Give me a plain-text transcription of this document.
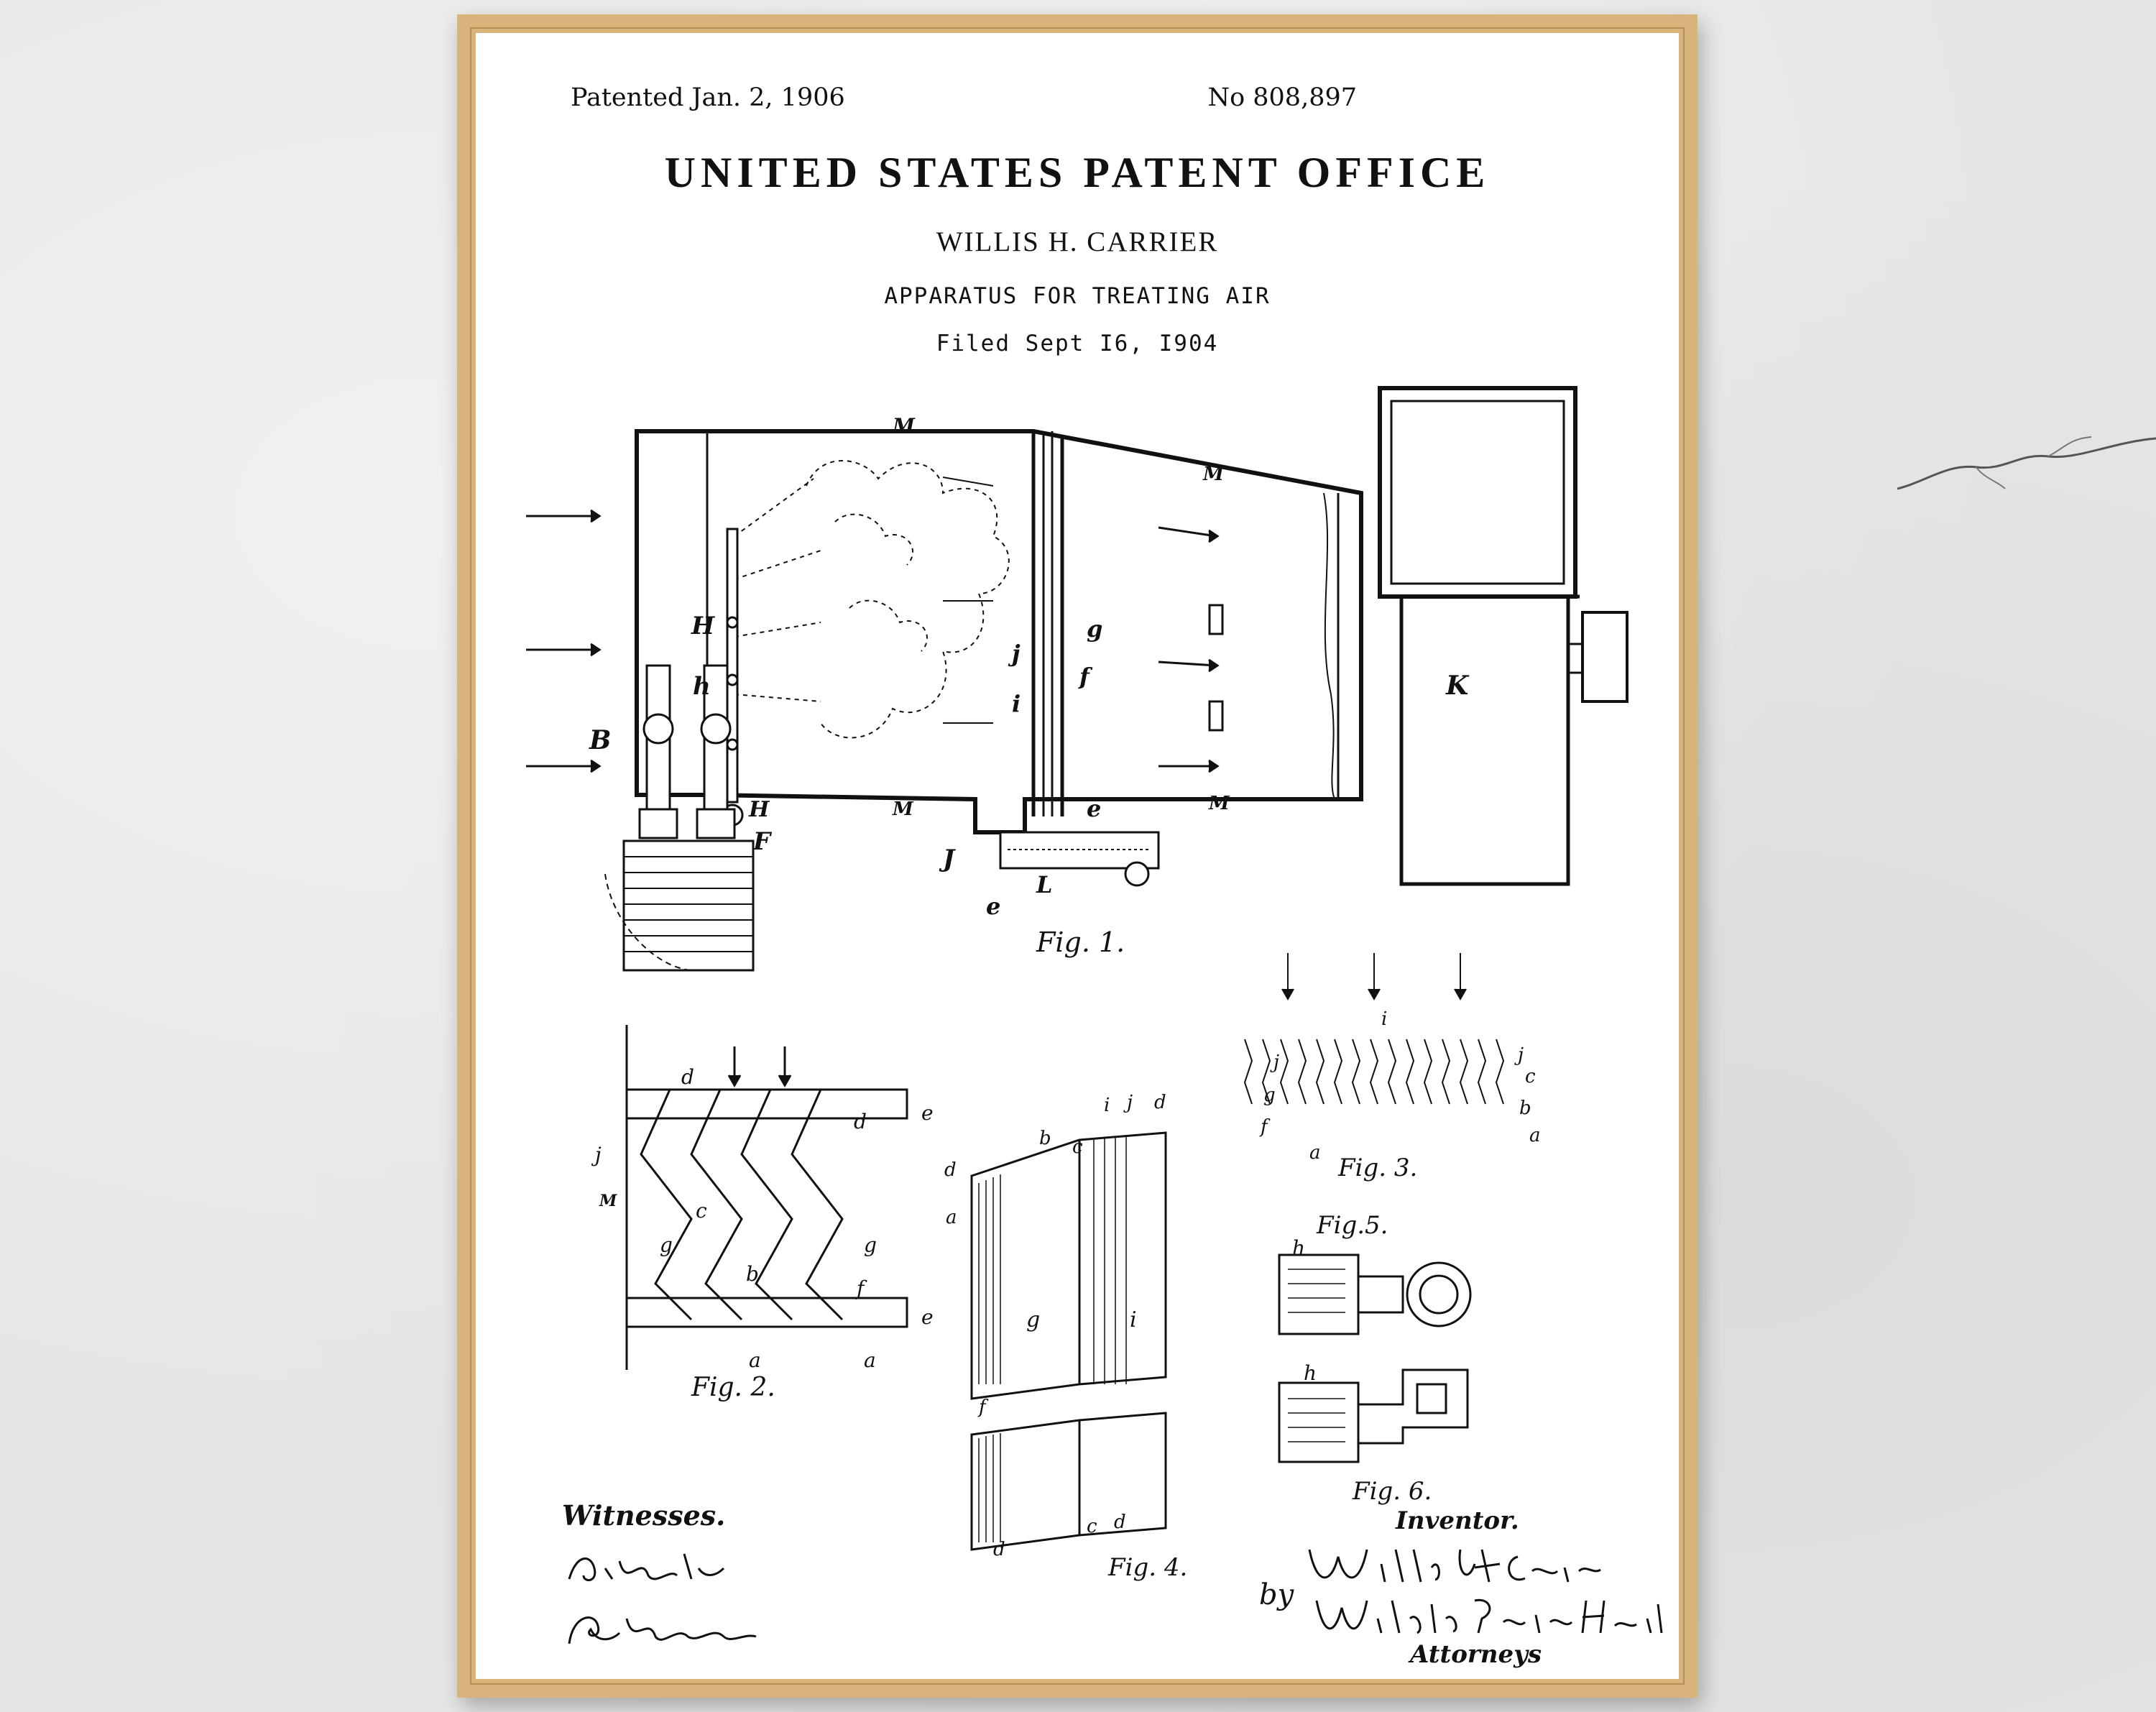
Patented Jan. 2, 1906	No 808,897
UNITED STATES PATENT OFFICE
WILLIS H. CARRIER
APPARATUS FOR TREATING AIR
Filed Sept I6, I904
Fig. 1.
Fig. 2.
Fig. 3.
Fig. 4.
Fig.5.
Fig. 6.
M
M
M	M
K
B
H
H
h
F
J
L
e
e
g
j
f
i
d
e
e
d
j
M
g	g
c
b
f
a	a
j	j
i
c
b
a
a
g
f
i j d
b c
d
a
g	i
f
c d
d
h
h
Witnesses.	Inventor.
by
Attorneys
